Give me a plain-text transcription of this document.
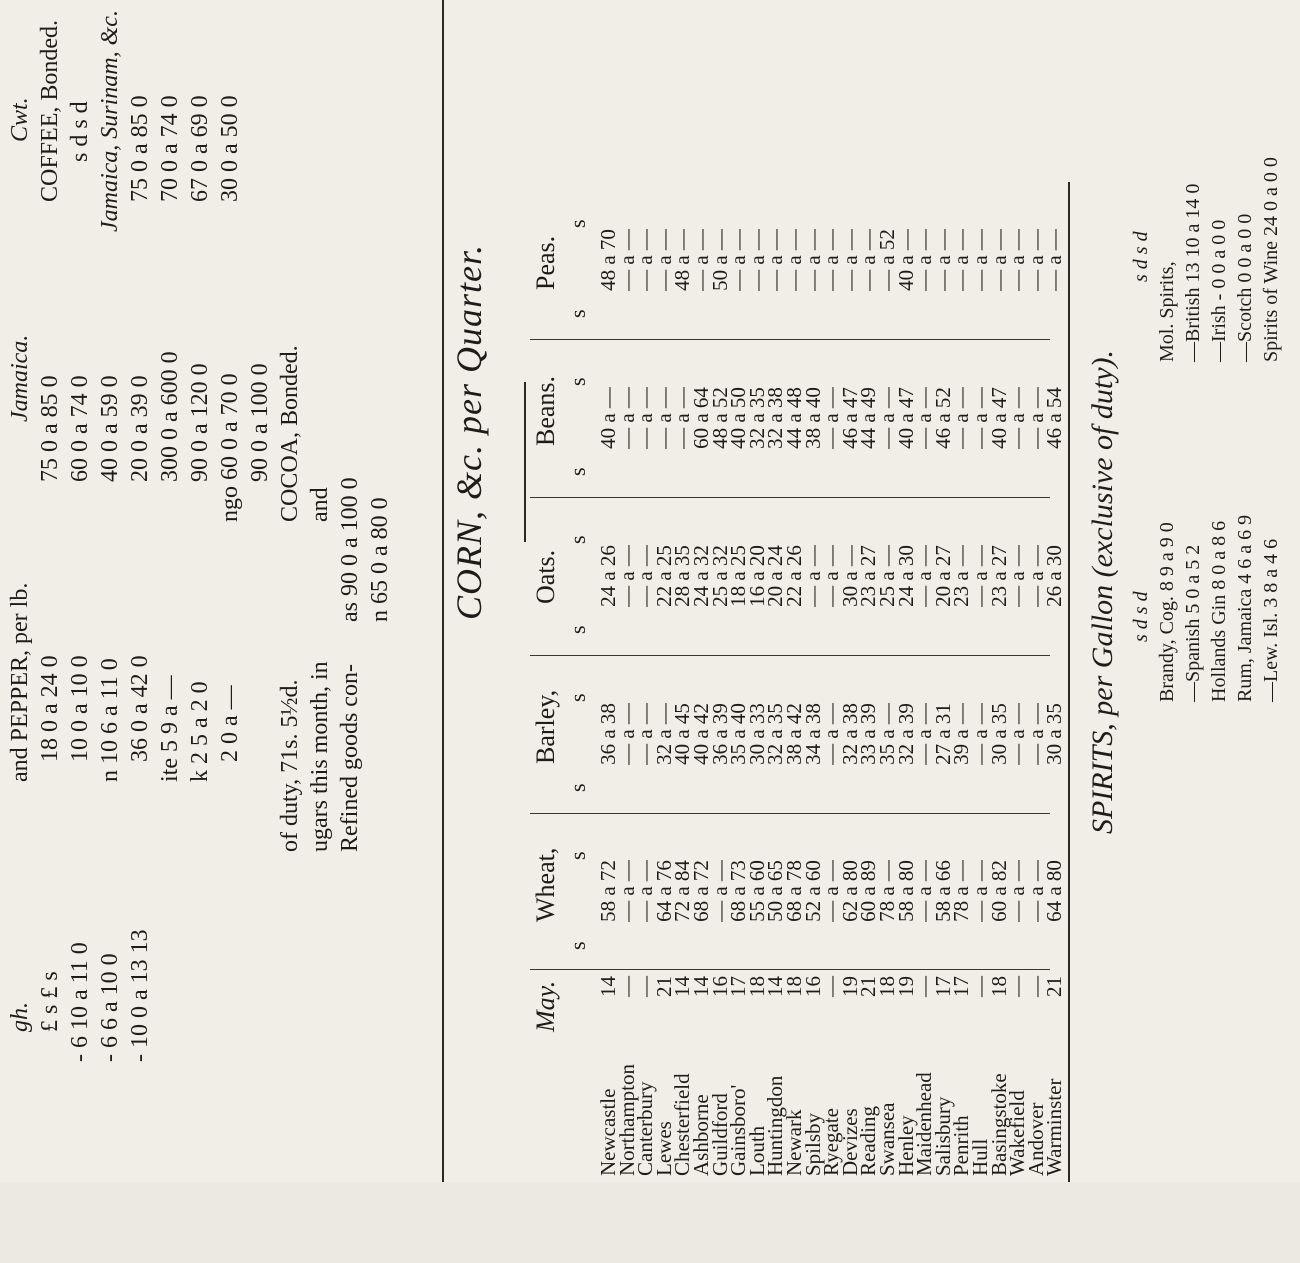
Cwt. COFFEE, Bonded. s d s d Jamaica, Surinam, &c. 75 0 a 85 0 70 0 a 74 0 67 0 a 69 0 30 0 a 50 0
Jamaica. 75 0 a 85 0 60 0 a 74 0 40 0 a 59 0 20 0 a 39 0 300 0 a 600 0 90 0 a 120 0 ngo 60 0 a 70 0 90 0 a 100 0 COCOA, Bonded. and as 90 0 a 100 0 n 65 0 a 80 0
and PEPPER, per lb. 18 0 a 24 0 10 0 a 10 0 n 10 6 a 11 0 36 0 a 42 0 ite 5 9 a — k 2 5 a 2 0 2 0 a — of duty, 71s. 5½d. ugars this month, in Refined goods con-
gh. £ s £ s - 6 10 a 11 0 - 6 6 a 10 0 - 10 0 a 13 13
CORN, &c. per Quarter.
May.
Wheat,
Barley,
Oats.
Beans.
Peas.
s
s
s
s
s
s
s
s
s
s
Newcastle
14
58 a 72
36 a 38
24 a 26
40 a —
48 a 70
Northampton
—
— a —
— a —
— a —
— a —
— a —
Canterbury
—
— a —
— a —
— a —
— a —
— a —
Lewes
21
64 a 76
32 a —
22 a 25
— a —
— a —
Chesterfield
14
72 a 84
40 a 45
28 a 35
— a —
48 a —
Ashborne
14
68 a 72
40 a 42
24 a 32
60 a 64
— a —
Guildford
16
— a —
36 a 39
25 a 32
48 a 52
50 a —
Gainsboro'
17
68 a 73
35 a 40
18 a 25
40 a 50
— a —
Louth
18
55 a 60
30 a 33
16 a 20
32 a 35
— a —
Huntingdon
14
50 a 65
32 a 35
20 a 24
32 a 38
— a —
Newark
18
68 a 78
38 a 42
22 a 26
44 a 48
— a —
Spilsby
16
52 a 60
34 a 38
— a —
38 a 40
— a —
Ryegate
—
— a —
— a —
— a —
— a —
— a —
Devizes
19
62 a 80
32 a 38
30 a —
46 a 47
— a —
Reading
21
60 a 89
33 a 39
23 a 27
44 a 49
— a —
Swansea
18
78 a —
35 a —
25 a —
— a —
— a 52
Henley
19
58 a 80
32 a 39
24 a 30
40 a 47
40 a —
Maidenhead
—
— a —
— a —
— a —
— a —
— a —
Salisbury
17
58 a 66
27 a 31
20 a 27
46 a 52
— a —
Penrith
17
78 a —
39 a —
23 a —
— a —
— a —
Hull
—
— a —
— a —
— a —
— a —
— a —
Basingstoke
18
60 a 82
30 a 35
23 a 27
40 a 47
— a —
Wakefield
—
— a —
— a —
— a —
— a —
— a —
Andover
—
— a —
— a —
— a —
— a —
— a —
Warminster
21
64 a 80
30 a 35
26 a 30
46 a 54
— a —
SPIRITS, per Gallon (exclusive of duty). s d s d Brandy, Cog. 8 9 a 9 0 —Spanish 5 0 a 5 2 Hollands Gin 8 0 a 8 6 Rum, Jamaica 4 6 a 6 9 —Lew. Isl. 3 8 a 4 6
s d s d
Mol. Spirits, —British 13 10 a 14 0 —Irish - 0 0 a 0 0 —Scotch 0 0 a 0 0 Spirits of Wine 24 0 a 0 0
